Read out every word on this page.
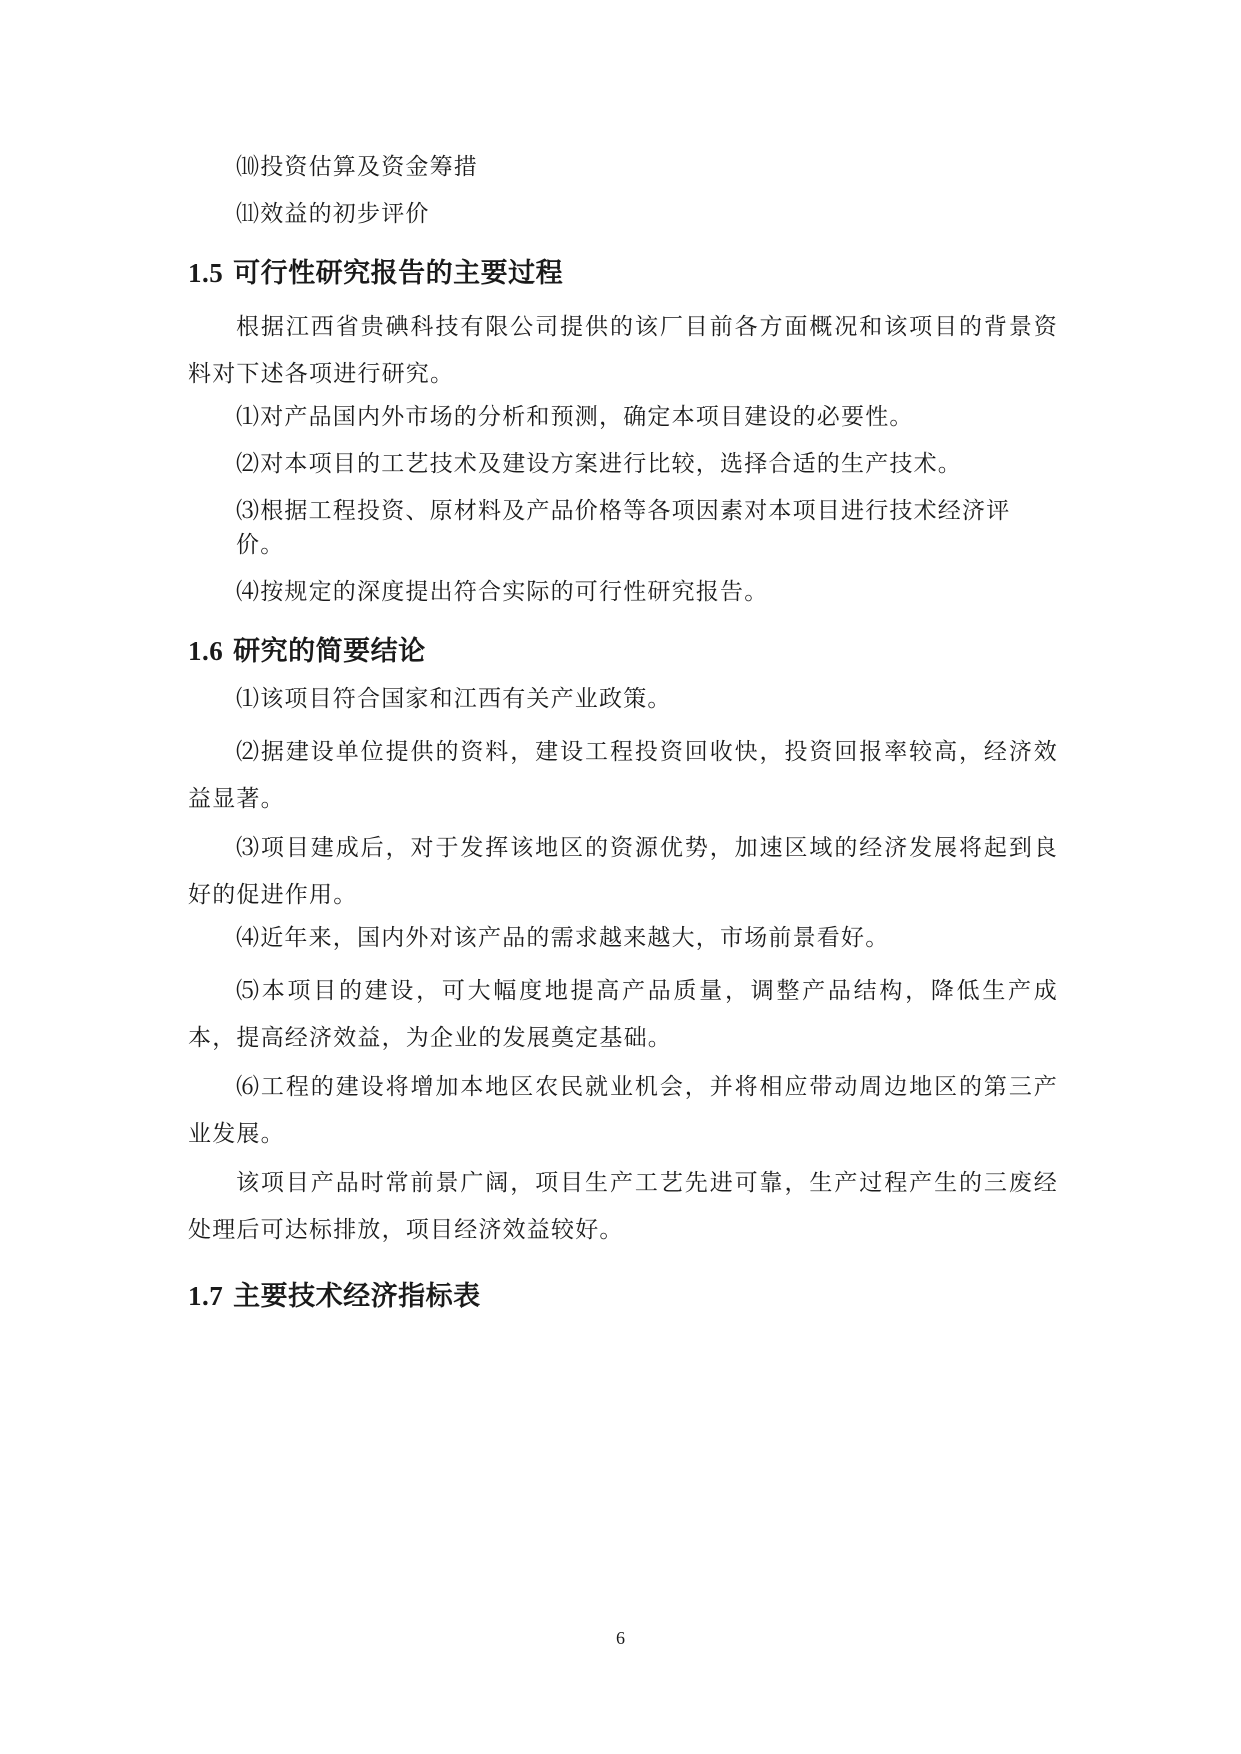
⑽投资估算及资金筹措

⑾效益的初步评价

1.5 可行性研究报告的主要过程

根据江西省贵碘科技有限公司提供的该厂目前各方面概况和该项目的背景资料对下述各项进行研究。

⑴对产品国内外市场的分析和预测，确定本项目建设的必要性。

⑵对本项目的工艺技术及建设方案进行比较，选择合适的生产技术。

⑶根据工程投资、原材料及产品价格等各项因素对本项目进行技术经济评价。

⑷按规定的深度提出符合实际的可行性研究报告。

1.6 研究的简要结论

⑴该项目符合国家和江西有关产业政策。

⑵据建设单位提供的资料，建设工程投资回收快，投资回报率较高，经济效益显著。

⑶项目建成后，对于发挥该地区的资源优势，加速区域的经济发展将起到良好的促进作用。

⑷近年来，国内外对该产品的需求越来越大，市场前景看好。

⑸本项目的建设，可大幅度地提高产品质量，调整产品结构，降低生产成本，提高经济效益，为企业的发展奠定基础。

⑹工程的建设将增加本地区农民就业机会，并将相应带动周边地区的第三产业发展。

该项目产品时常前景广阔，项目生产工艺先进可靠，生产过程产生的三废经处理后可达标排放，项目经济效益较好。

1.7 主要技术经济指标表
6
